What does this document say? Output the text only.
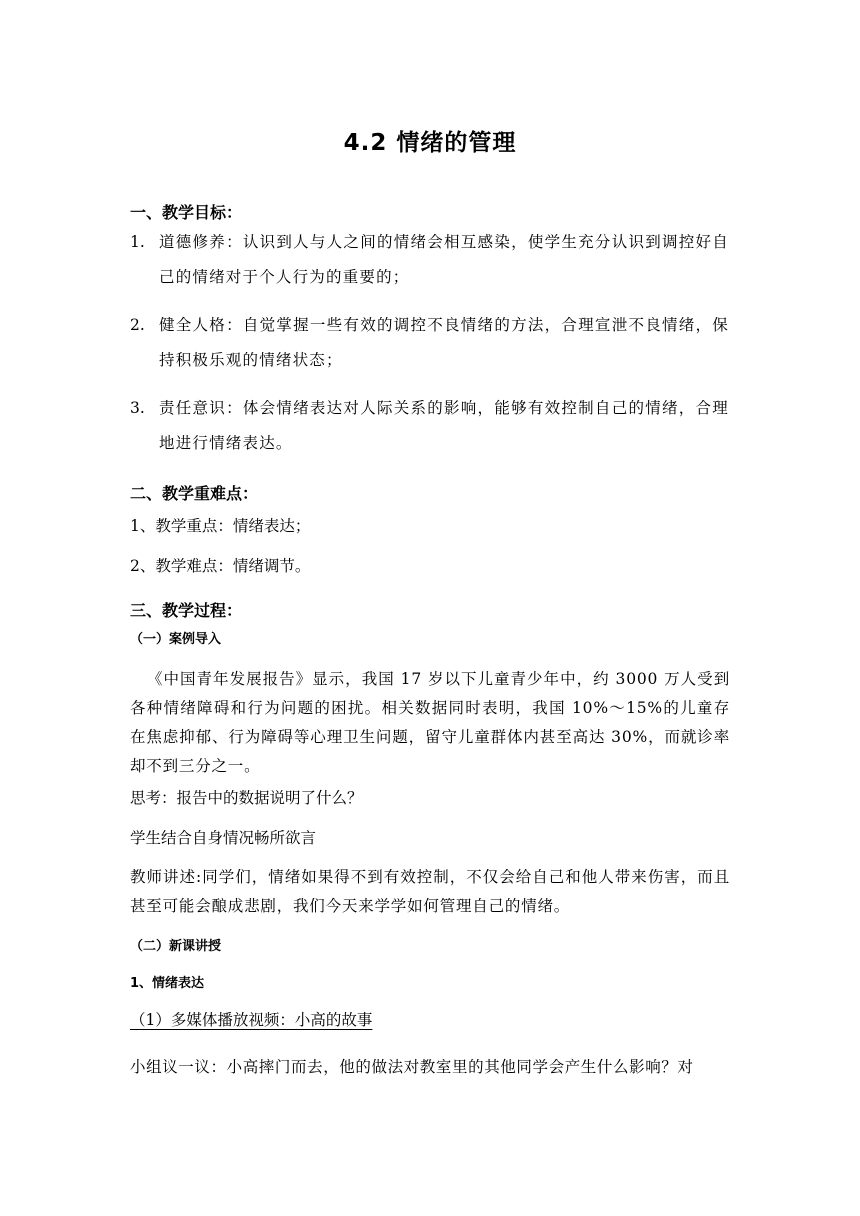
4.2 情绪的管理
一、教学目标：
1. 道德修养：认识到人与人之间的情绪会相互感染，使学生充分认识到调控好自己的情绪对于个人行为的重要的；
2. 健全人格：自觉掌握一些有效的调控不良情绪的方法，合理宣泄不良情绪，保持积极乐观的情绪状态；
3. 责任意识：体会情绪表达对人际关系的影响，能够有效控制自己的情绪，合理地进行情绪表达。
二、教学重难点：
1、教学重点：情绪表达；
2、教学难点：情绪调节。
三、教学过程：
（一）案例导入
《中国青年发展报告》显示，我国 17 岁以下儿童青少年中，约 3000 万人受到各种情绪障碍和行为问题的困扰。相关数据同时表明，我国 10%～15%的儿童存在焦虑抑郁、行为障碍等心理卫生问题，留守儿童群体内甚至高达 30%，而就诊率却不到三分之一。
思考：报告中的数据说明了什么？
学生结合自身情况畅所欲言
教师讲述:同学们，情绪如果得不到有效控制，不仅会给自己和他人带来伤害，而且甚至可能会酿成悲剧，我们今天来学学如何管理自己的情绪。
（二）新课讲授
1、情绪表达
（1）多媒体播放视频：小高的故事
小组议一议：小高摔门而去，他的做法对教室里的其他同学会产生什么影响？对
